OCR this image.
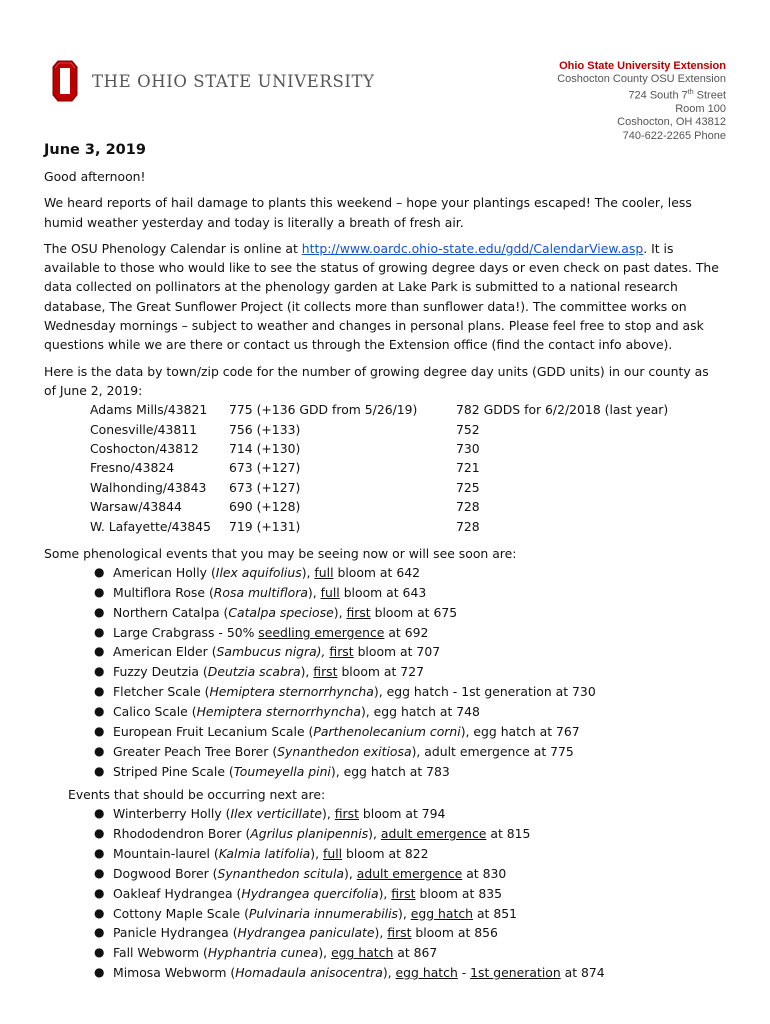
THE OHIO STATE UNIVERSITY
Ohio State University Extension
Coshocton County OSU Extension
724 South 7th Street
Room 100
Coshocton, OH 43812
740-622-2265 Phone
June 3, 2019

Good afternoon!

We heard reports of hail damage to plants this weekend – hope your plantings escaped! The cooler, less humid weather yesterday and today is literally a breath of fresh air.

The OSU Phenology Calendar is online at http://www.oardc.ohio-state.edu/gdd/CalendarView.asp. It is available to those who would like to see the status of growing degree days or even check on past dates. The data collected on pollinators at the phenology garden at Lake Park is submitted to a national research database, The Great Sunflower Project (it collects more than sunflower data!). The committee works on Wednesday mornings – subject to weather and changes in personal plans. Please feel free to stop and ask questions while we are there or contact us through the Extension office (find the contact info above).

Here is the data by town/zip code for the number of growing degree day units (GDD units) in our county as of June 2, 2019:

Adams Mills/43821	775 (+136 GDD from 5/26/19)	782 GDDS for 6/2/2018 (last year)
Conesville/43811	756 (+133)	752
Coshocton/43812	714 (+130)	730
Fresno/43824	673 (+127)	721
Walhonding/43843	673 (+127)	725
Warsaw/43844	690 (+128)	728
W. Lafayette/43845	719 (+131)	728
Some phenological events that you may be seeing now or will see soon are:
● American Holly (Ilex aquifolius), full bloom at 642
● Multiflora Rose (Rosa multiflora), full bloom at 643
● Northern Catalpa (Catalpa speciose), first bloom at 675
● Large Crabgrass - 50% seedling emergence at 692
● American Elder (Sambucus nigra), first bloom at 707
● Fuzzy Deutzia (Deutzia scabra), first bloom at 727
● Fletcher Scale (Hemiptera sternorrhyncha), egg hatch - 1st generation at 730
● Calico Scale (Hemiptera sternorrhyncha), egg hatch at 748
● European Fruit Lecanium Scale (Parthenolecanium corni), egg hatch at 767
● Greater Peach Tree Borer (Synanthedon exitiosa), adult emergence at 775
● Striped Pine Scale (Toumeyella pini), egg hatch at 783
Events that should be occurring next are:
● Winterberry Holly (Ilex verticillate), first bloom at 794
● Rhododendron Borer (Agrilus planipennis), adult emergence at 815
● Mountain-laurel (Kalmia latifolia), full bloom at 822
● Dogwood Borer (Synanthedon scitula), adult emergence at 830
● Oakleaf Hydrangea (Hydrangea quercifolia), first bloom at 835
● Cottony Maple Scale (Pulvinaria innumerabilis), egg hatch at 851
● Panicle Hydrangea (Hydrangea paniculate), first bloom at 856
● Fall Webworm (Hyphantria cunea), egg hatch at 867
● Mimosa Webworm (Homadaula anisocentra), egg hatch - 1st generation at 874
